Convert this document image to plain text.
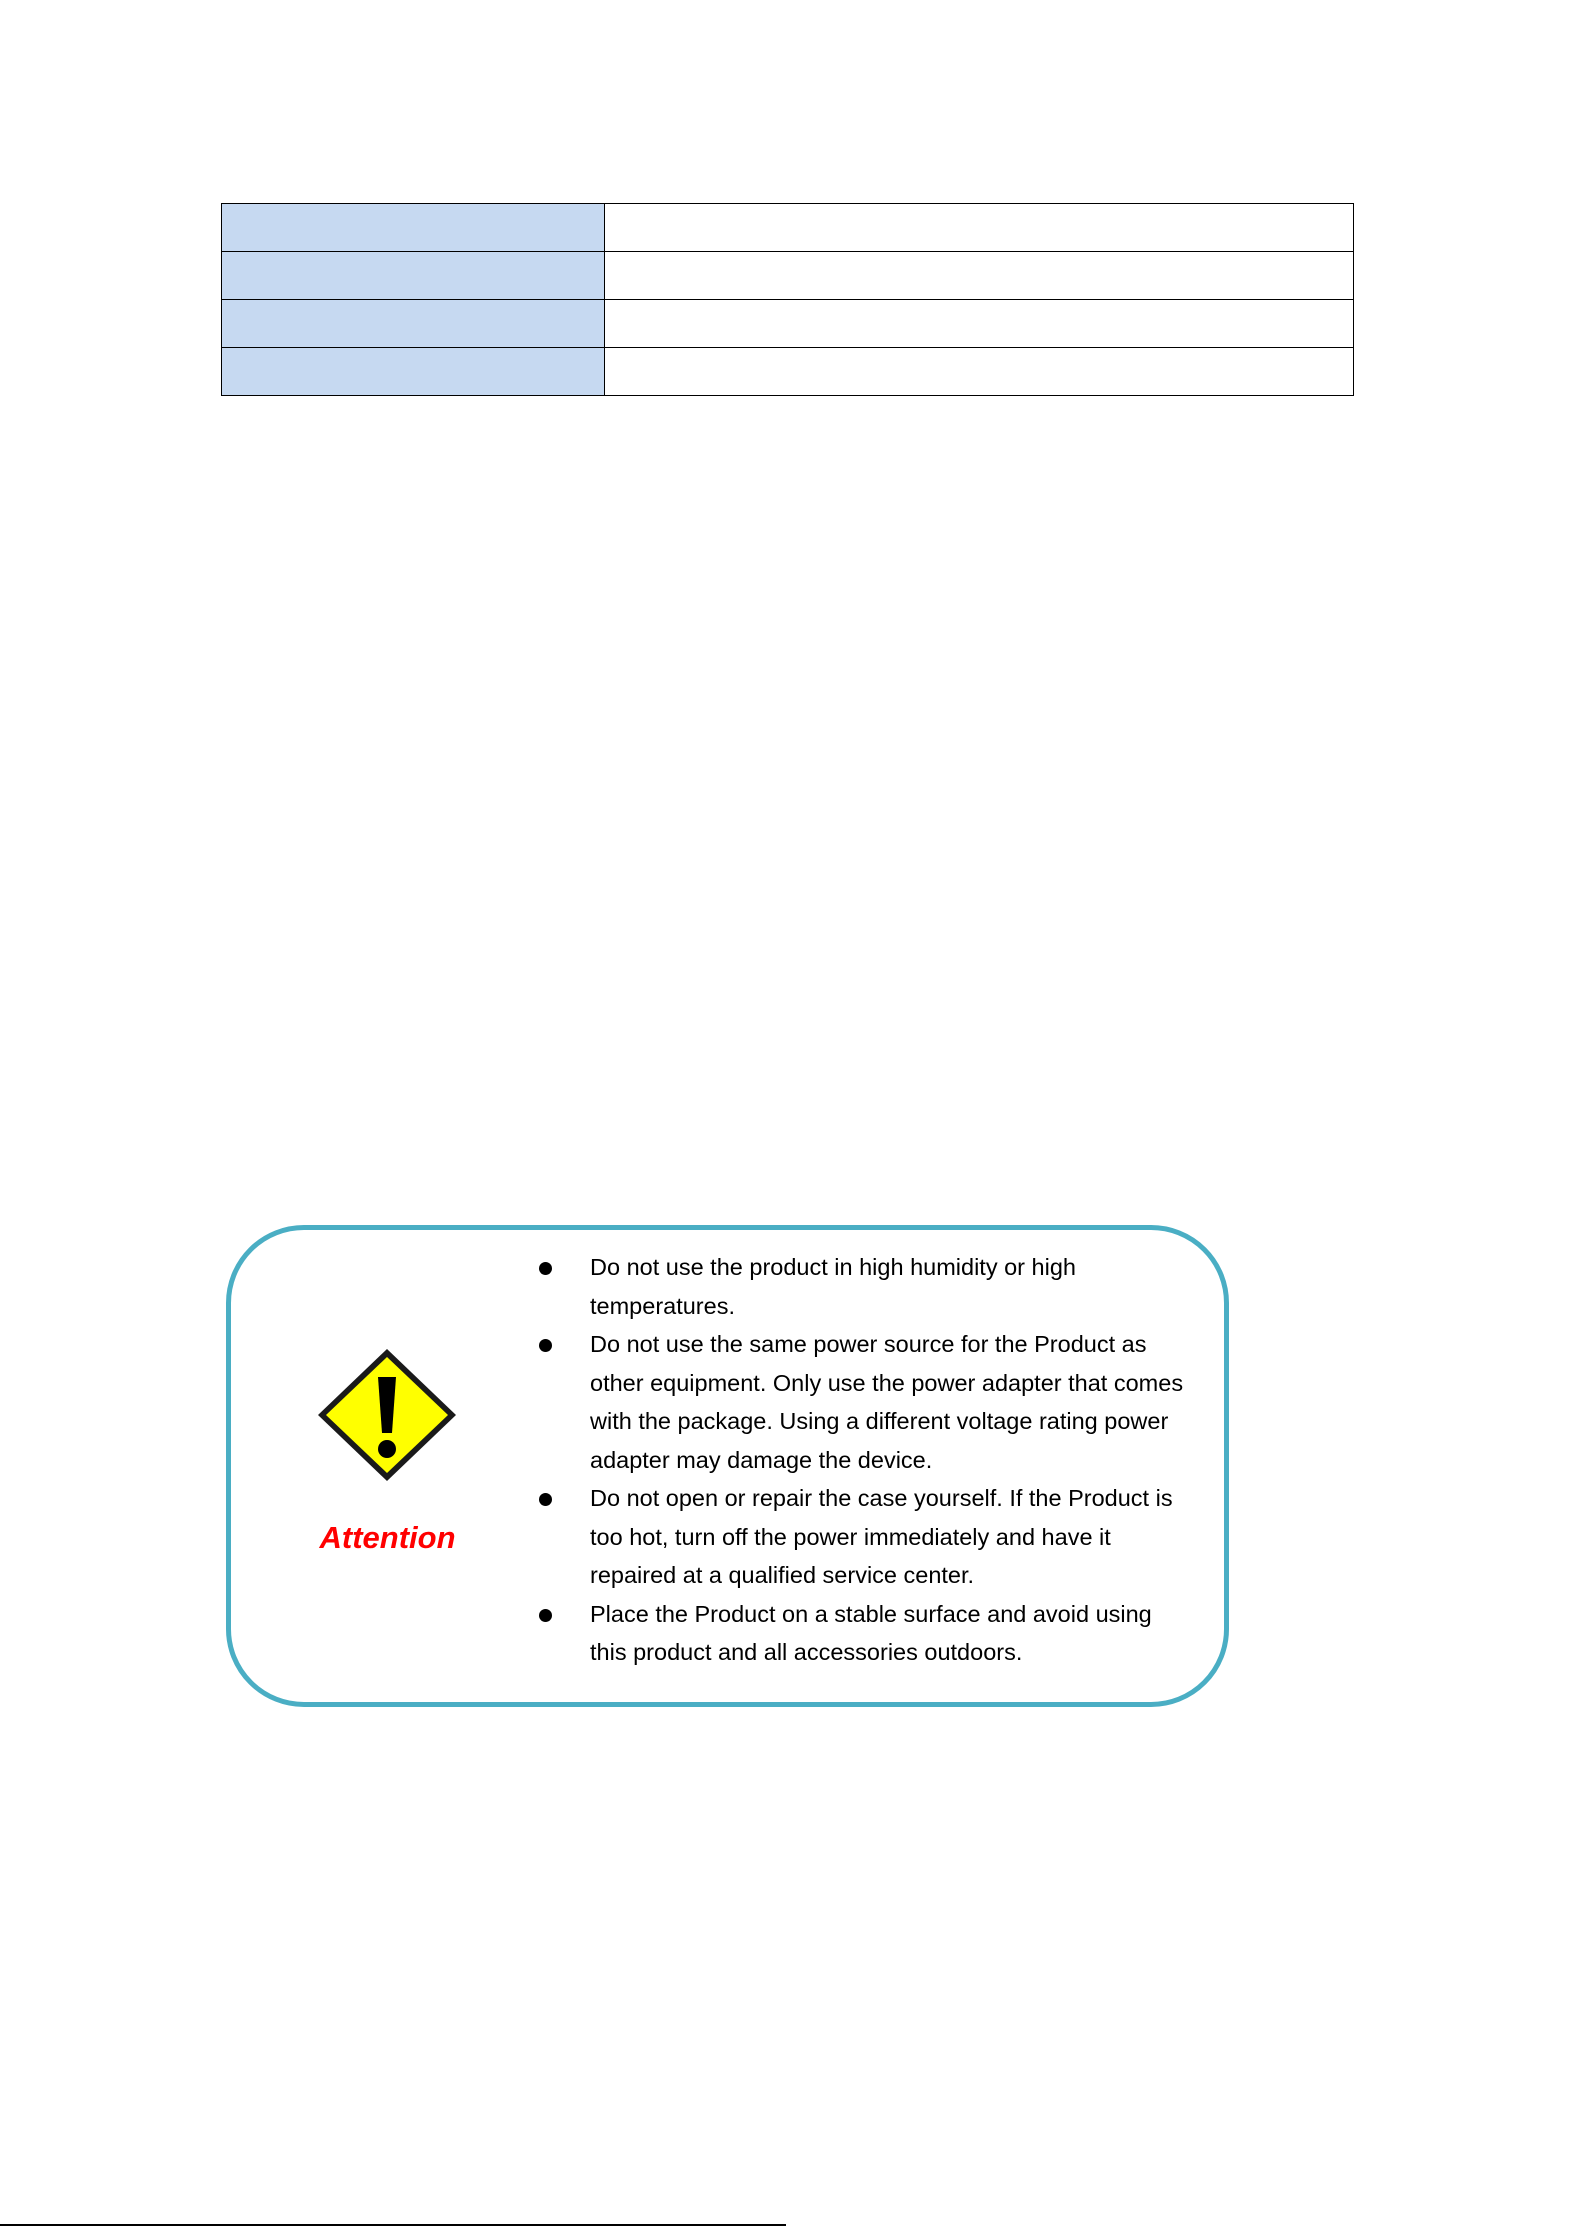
Attention
Do not use the product in high humidity or high temperatures.
Do not use the same power source for the Product as other equipment. Only use the power adapter that comes with the package. Using a different voltage rating power adapter may damage the device.
Do not open or repair the case yourself. If the Product is too hot, turn off the power immediately and have it repaired at a qualified service center.
Place the Product on a stable surface and avoid using this product and all accessories outdoors.
